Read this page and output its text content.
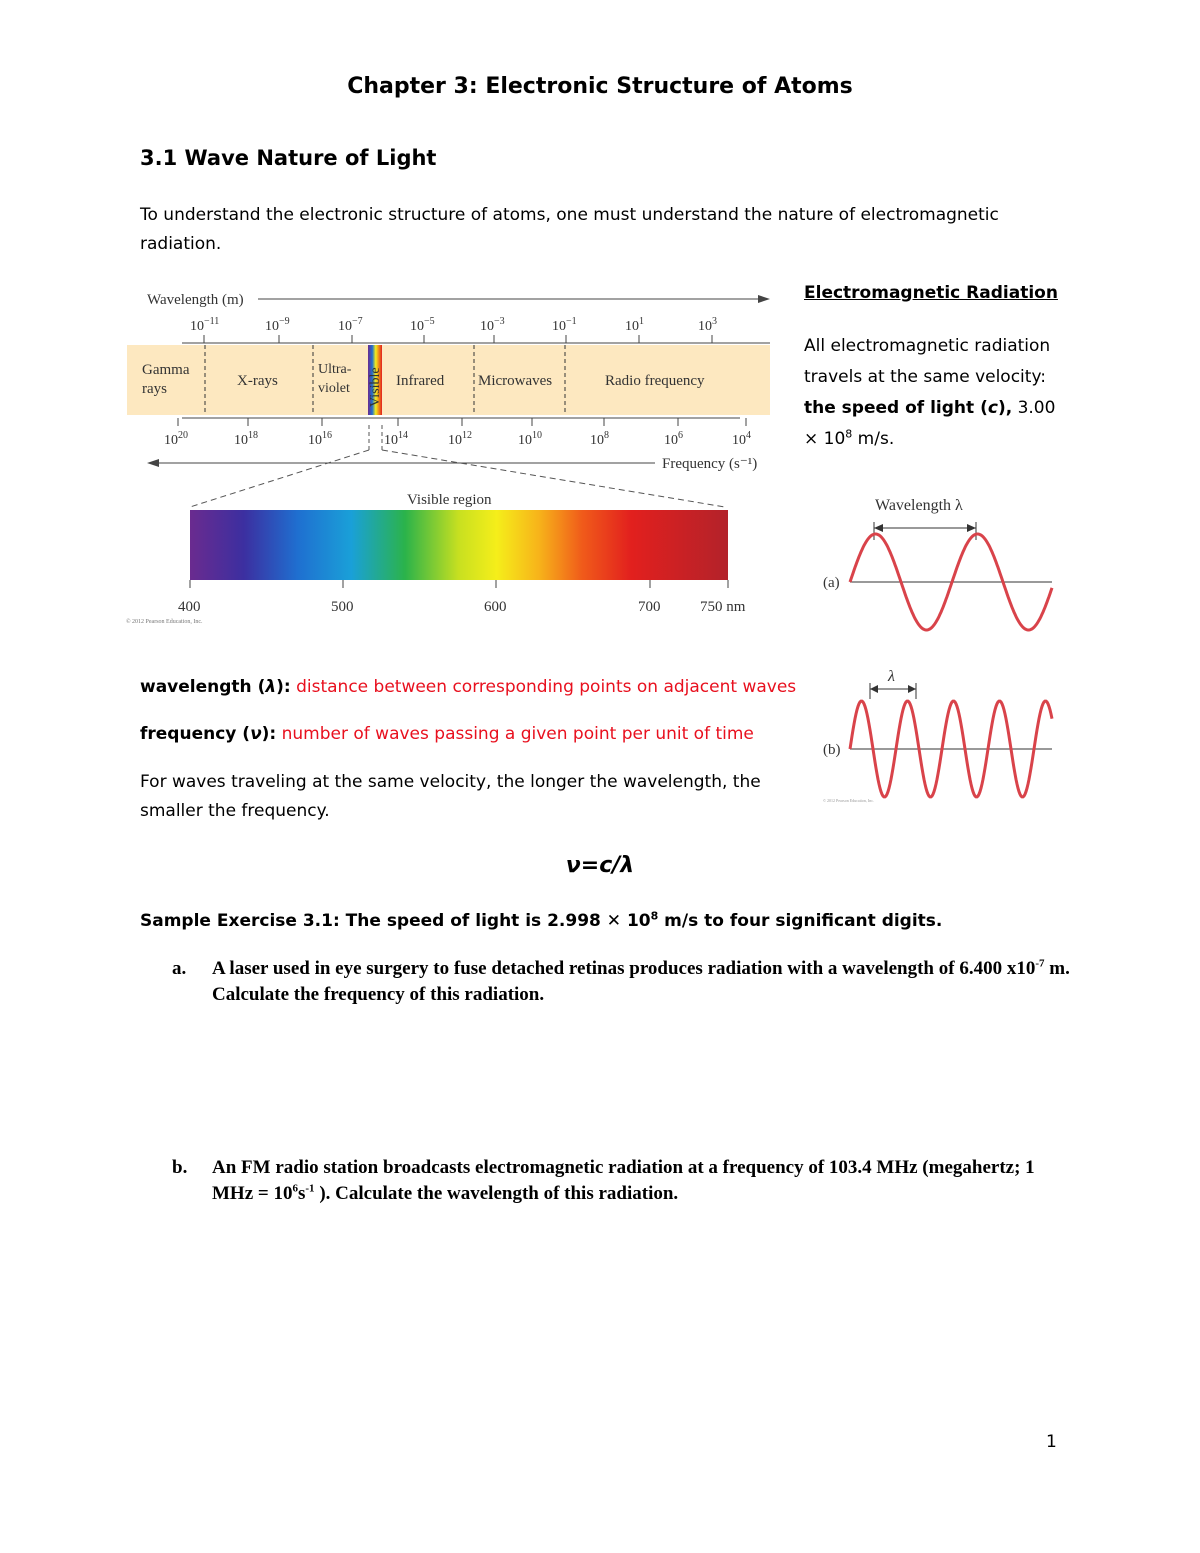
Chapter 3: Electronic Structure of Atoms
3.1 Wave Nature of Light
To understand the electronic structure of atoms, one must understand the nature of electromagnetic radiation.
Wavelength (m)
$10^{-11}$	$10^{-9}$	$10^{-7}$	$10^{-5}$	$10^{-3}$	$10^{-1}$	$10^1$	$10^3$
Gamma
rays	X-rays
Ultra-
violet Visible Infrared Microwaves	Radio frequency
$10^{20}$	$10^{18}$	$10^{16}$	$10^{14}$	$10^{12}$	$10^{10}$	$10^8$	$10^6$	$10^4$
Frequency (s⁻¹)
Visible region
400	500	600	700	750 nm
© 2012 Pearson Education, Inc.
Electromagnetic Radiation
All electromagnetic radiation travels at the same velocity:
the speed of light (c), $3.00 \times 10^8$ m/s.
Wavelength λ
(a)
λ
(b)
© 2012 Pearson Education, Inc.
wavelength (λ): distance between corresponding points on adjacent waves
frequency (ν): number of waves passing a given point per unit of time
For waves traveling at the same velocity, the longer the wavelength, the smaller the frequency.
ν=c/λ
Sample Exercise 3.1: The speed of light is 2.998 ✕ $10^8$ m/s to four significant digits.
a. A laser used in eye surgery to fuse detached retinas produces radiation with a wavelength of 6.400 $x10^{-7}$ m. Calculate the frequency of this radiation.
b. An FM radio station broadcasts electromagnetic radiation at a frequency of 103.4 MHz (megahertz; 1 MHz = $10^6s^{-1}$ ). Calculate the wavelength of this radiation.
1
